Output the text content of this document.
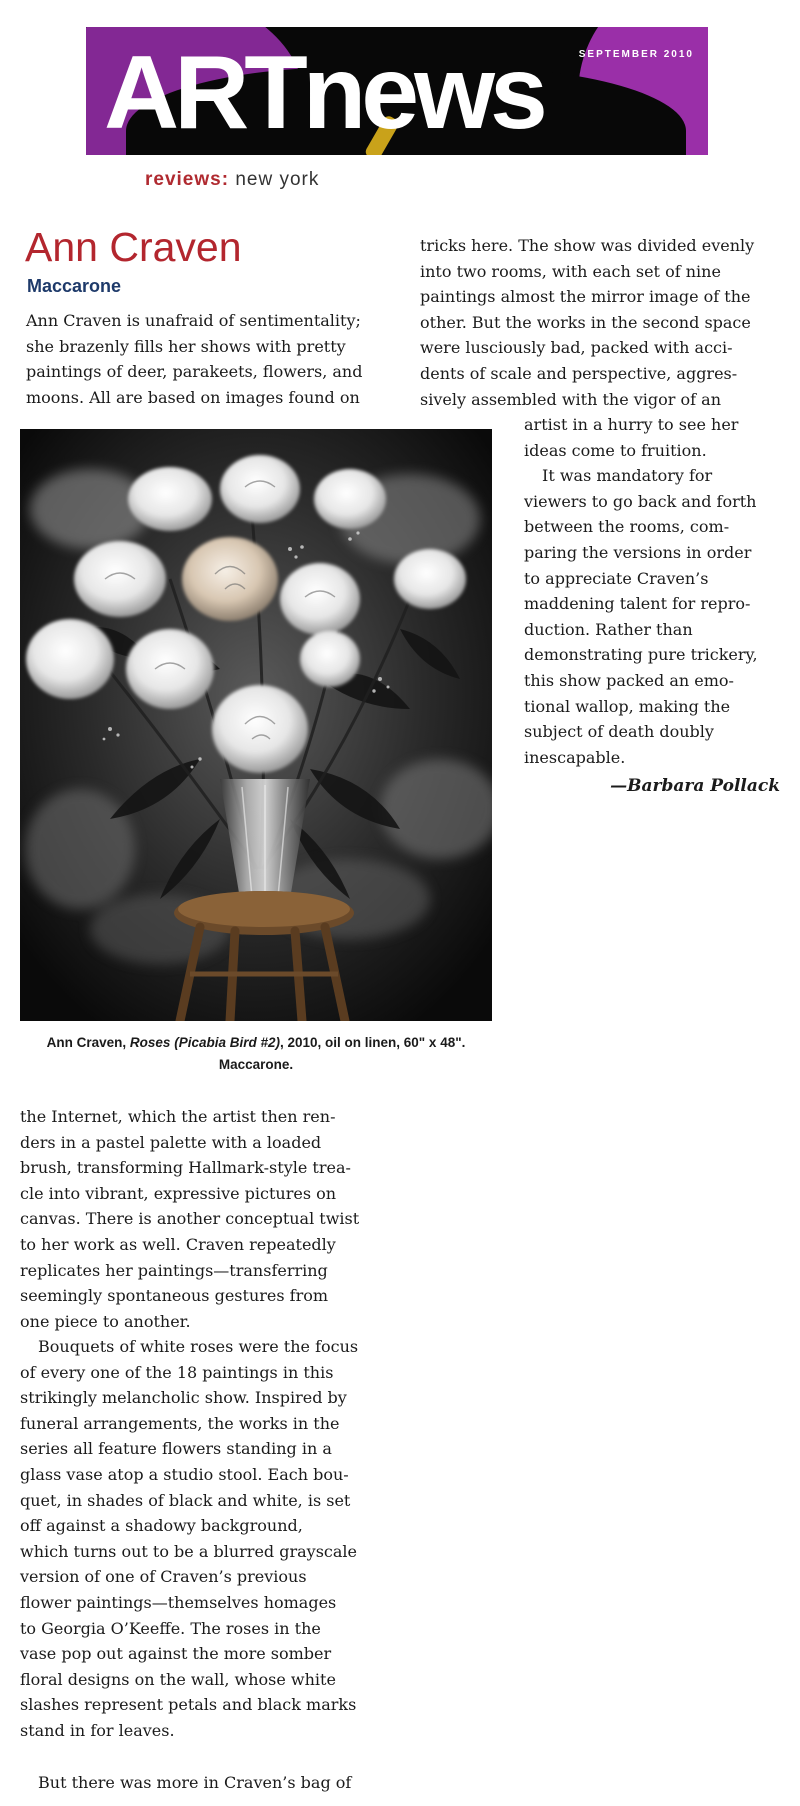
ARTnews	SEPTEMBER 2010
reviews: new york
Ann Craven
Maccarone
Ann Craven is unafraid of sentimentality;
she brazenly fills her shows with pretty
paintings of deer, parakeets, flowers, and
moons. All are based on images found on
tricks here. The show was divided evenly
into two rooms, with each set of nine
paintings almost the mirror image of the
other. But the works in the second space
were lusciously bad, packed with acci-
dents of scale and perspective, aggres-
sively assembled with the vigor of an
artist in a hurry to see her
ideas come to fruition.
It was mandatory for
viewers to go back and forth
between the rooms, com-
paring the versions in order
to appreciate Craven’s
maddening talent for repro-
duction. Rather than
demonstrating pure trickery,
this show packed an emo-
tional wallop, making the
subject of death doubly
inescapable.
—Barbara Pollack
Ann Craven, Roses (Picabia Bird #2), 2010, oil on linen, 60" x 48".
Maccarone.
the Internet, which the artist then ren-
ders in a pastel palette with a loaded
brush, transforming Hallmark-style trea-
cle into vibrant, expressive pictures on
canvas. There is another conceptual twist
to her work as well. Craven repeatedly
replicates her paintings—transferring
seemingly spontaneous gestures from
one piece to another.
Bouquets of white roses were the focus
of every one of the 18 paintings in this
strikingly melancholic show. Inspired by
funeral arrangements, the works in the
series all feature flowers standing in a
glass vase atop a studio stool. Each bou-
quet, in shades of black and white, is set
off against a shadowy background,
which turns out to be a blurred grayscale
version of one of Craven’s previous
flower paintings—themselves homages
to Georgia O’Keeffe. The roses in the
vase pop out against the more somber
floral designs on the wall, whose white
slashes represent petals and black marks
stand in for leaves.
But there was more in Craven’s bag of
